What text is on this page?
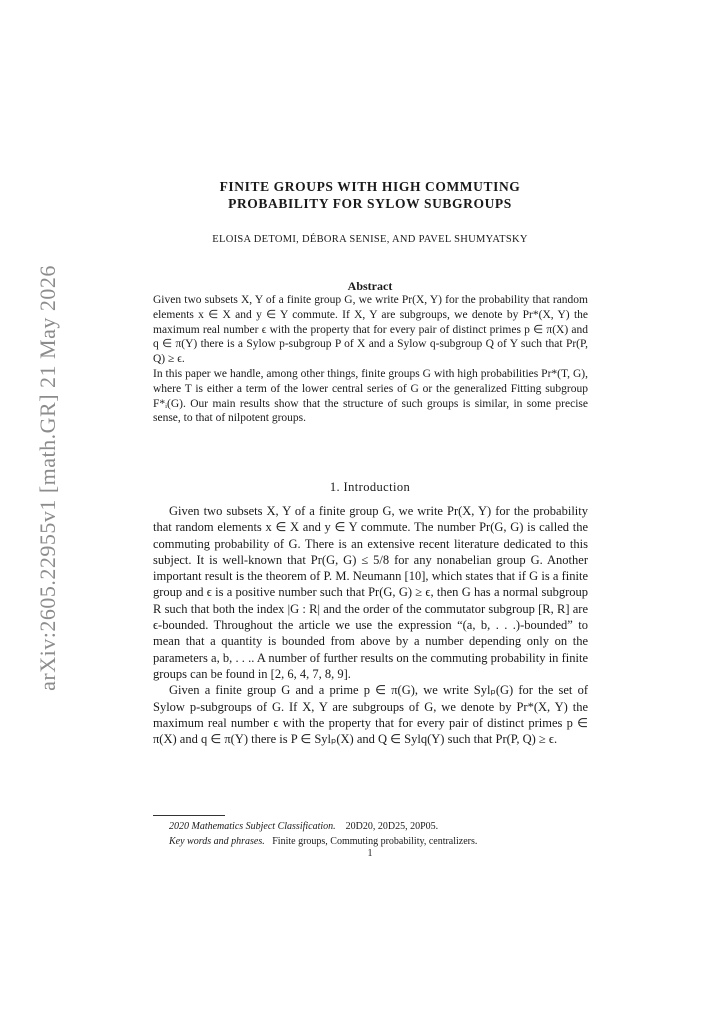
arXiv:2605.22955v1 [math.GR] 21 May 2026
FINITE GROUPS WITH HIGH COMMUTING
PROBABILITY FOR SYLOW SUBGROUPS
ELOISA DETOMI, DÉBORA SENISE, AND PAVEL SHUMYATSKY
Abstract

Given two subsets X, Y of a finite group G, we write Pr(X, Y) for the probability that random elements x ∈ X and y ∈ Y commute. If X, Y are subgroups, we denote by Pr*(X, Y) the maximum real number ϵ with the property that for every pair of distinct primes p ∈ π(X) and q ∈ π(Y) there is a Sylow p-subgroup P of X and a Sylow q-subgroup Q of Y such that Pr(P, Q) ≥ ϵ.

In this paper we handle, among other things, finite groups G with high probabilities Pr*(T, G), where T is either a term of the lower central series of G or the generalized Fitting subgroup F*ᵢ(G). Our main results show that the structure of such groups is similar, in some precise sense, to that of nilpotent groups.

1. Introduction

Given two subsets X, Y of a finite group G, we write Pr(X, Y) for the probability that random elements x ∈ X and y ∈ Y commute. The number Pr(G, G) is called the commuting probability of G. There is an extensive recent literature dedicated to this subject. It is well-known that Pr(G, G) ≤ 5/8 for any nonabelian group G. Another important result is the theorem of P. M. Neumann [10], which states that if G is a finite group and ϵ is a positive number such that Pr(G, G) ≥ ϵ, then G has a normal subgroup R such that both the index |G : R| and the order of the commutator subgroup [R, R] are ϵ-bounded. Throughout the article we use the expression “(a, b, . . .)-bounded” to mean that a quantity is bounded from above by a number depending only on the parameters a, b, . . .. A number of further results on the commuting probability in finite groups can be found in [2, 6, 4, 7, 8, 9].

Given a finite group G and a prime p ∈ π(G), we write Sylₚ(G) for the set of Sylow p-subgroups of G. If X, Y are subgroups of G, we denote by Pr*(X, Y) the maximum real number ϵ with the property that for every pair of distinct primes p ∈ π(X) and q ∈ π(Y) there is P ∈ Sylₚ(X) and Q ∈ Sylq(Y) such that Pr(P, Q) ≥ ϵ.

2020 Mathematics Subject Classification. 20D20, 20D25, 20P05.
Key words and phrases. Finite groups, Commuting probability, centralizers.
1
